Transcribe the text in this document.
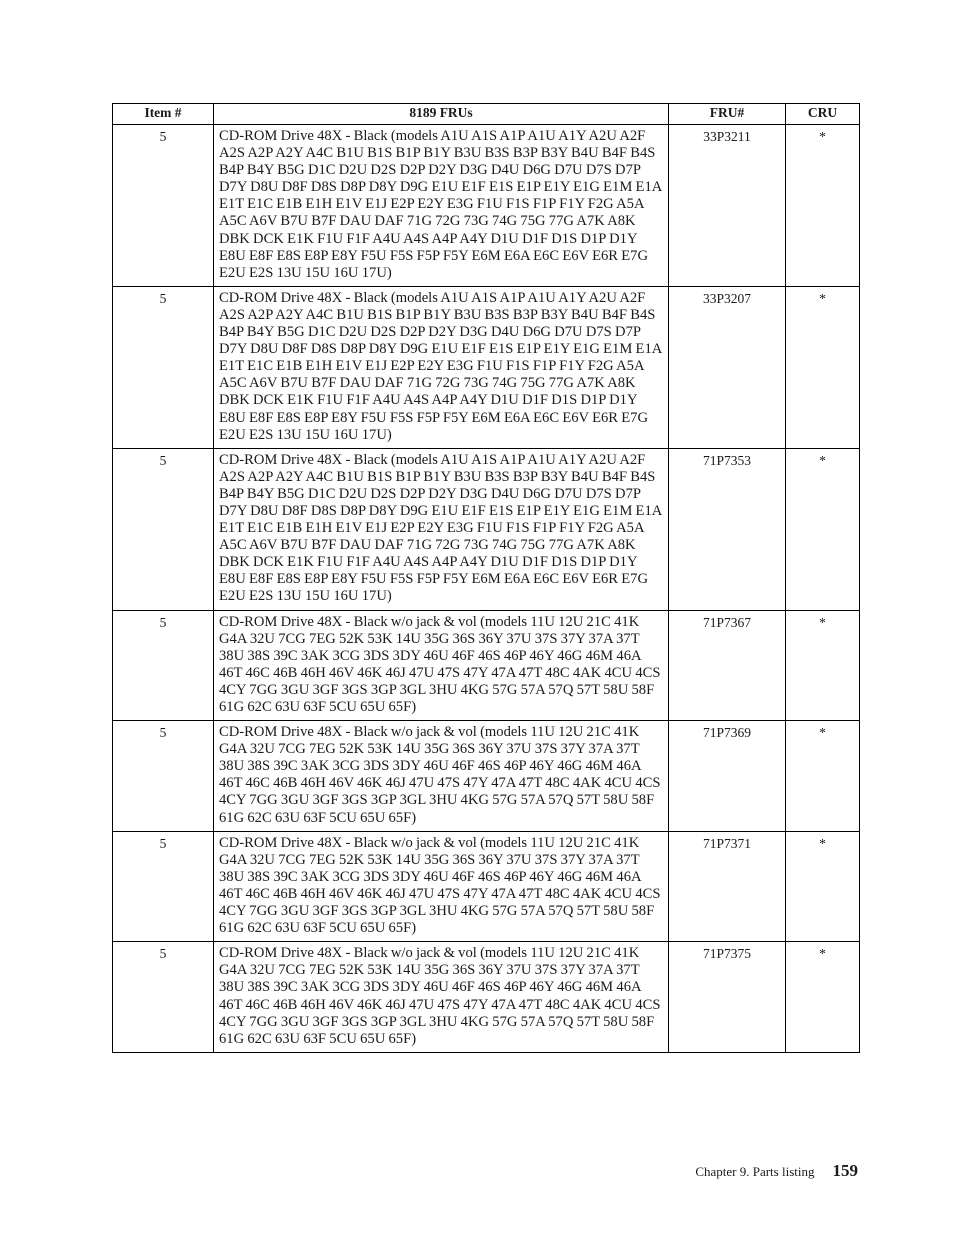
Item #	8189 FRUs	FRU#	CRU
5	CD-ROM Drive 48X - Black (models A1U A1S A1P A1U A1Y A2U A2F A2S A2P A2Y A4C B1U B1S B1P B1Y B3U B3S B3P B3Y B4U B4F B4S B4P B4Y B5G D1C D2U D2S D2P D2Y D3G D4U D6G D7U D7S D7P D7Y D8U D8F D8S D8P D8Y D9G E1U E1F E1S E1P E1Y E1G E1M E1A E1T E1C E1B E1H E1V E1J E2P E2Y E3G F1U F1S F1P F1Y F2G A5A A5C A6V B7U B7F DAU DAF 71G 72G 73G 74G 75G 77G A7K A8K DBK DCK E1K F1U F1F A4U A4S A4P A4Y D1U D1F D1S D1P D1Y E8U E8F E8S E8P E8Y F5U F5S F5P F5Y E6M E6A E6C E6V E6R E7G E2U E2S 13U 15U 16U 17U)	33P3211	*
5	CD-ROM Drive 48X - Black (models A1U A1S A1P A1U A1Y A2U A2F A2S A2P A2Y A4C B1U B1S B1P B1Y B3U B3S B3P B3Y B4U B4F B4S B4P B4Y B5G D1C D2U D2S D2P D2Y D3G D4U D6G D7U D7S D7P D7Y D8U D8F D8S D8P D8Y D9G E1U E1F E1S E1P E1Y E1G E1M E1A E1T E1C E1B E1H E1V E1J E2P E2Y E3G F1U F1S F1P F1Y F2G A5A A5C A6V B7U B7F DAU DAF 71G 72G 73G 74G 75G 77G A7K A8K DBK DCK E1K F1U F1F A4U A4S A4P A4Y D1U D1F D1S D1P D1Y E8U E8F E8S E8P E8Y F5U F5S F5P F5Y E6M E6A E6C E6V E6R E7G E2U E2S 13U 15U 16U 17U)	33P3207	*
5	CD-ROM Drive 48X - Black (models A1U A1S A1P A1U A1Y A2U A2F A2S A2P A2Y A4C B1U B1S B1P B1Y B3U B3S B3P B3Y B4U B4F B4S B4P B4Y B5G D1C D2U D2S D2P D2Y D3G D4U D6G D7U D7S D7P D7Y D8U D8F D8S D8P D8Y D9G E1U E1F E1S E1P E1Y E1G E1M E1A E1T E1C E1B E1H E1V E1J E2P E2Y E3G F1U F1S F1P F1Y F2G A5A A5C A6V B7U B7F DAU DAF 71G 72G 73G 74G 75G 77G A7K A8K DBK DCK E1K F1U F1F A4U A4S A4P A4Y D1U D1F D1S D1P D1Y E8U E8F E8S E8P E8Y F5U F5S F5P F5Y E6M E6A E6C E6V E6R E7G E2U E2S 13U 15U 16U 17U)	71P7353	*
5	CD-ROM Drive 48X - Black w/o jack & vol (models 11U 12U 21C 41K G4A 32U 7CG 7EG 52K 53K 14U 35G 36S 36Y 37U 37S 37Y 37A 37T 38U 38S 39C 3AK 3CG 3DS 3DY 46U 46F 46S 46P 46Y 46G 46M 46A 46T 46C 46B 46H 46V 46K 46J 47U 47S 47Y 47A 47T 48C 4AK 4CU 4CS 4CY 7GG 3GU 3GF 3GS 3GP 3GL 3HU 4KG 57G 57A 57Q 57T 58U 58F 61G 62C 63U 63F 5CU 65U 65F)	71P7367	*
5	CD-ROM Drive 48X - Black w/o jack & vol (models 11U 12U 21C 41K G4A 32U 7CG 7EG 52K 53K 14U 35G 36S 36Y 37U 37S 37Y 37A 37T 38U 38S 39C 3AK 3CG 3DS 3DY 46U 46F 46S 46P 46Y 46G 46M 46A 46T 46C 46B 46H 46V 46K 46J 47U 47S 47Y 47A 47T 48C 4AK 4CU 4CS 4CY 7GG 3GU 3GF 3GS 3GP 3GL 3HU 4KG 57G 57A 57Q 57T 58U 58F 61G 62C 63U 63F 5CU 65U 65F)	71P7369	*
5	CD-ROM Drive 48X - Black w/o jack & vol (models 11U 12U 21C 41K G4A 32U 7CG 7EG 52K 53K 14U 35G 36S 36Y 37U 37S 37Y 37A 37T 38U 38S 39C 3AK 3CG 3DS 3DY 46U 46F 46S 46P 46Y 46G 46M 46A 46T 46C 46B 46H 46V 46K 46J 47U 47S 47Y 47A 47T 48C 4AK 4CU 4CS 4CY 7GG 3GU 3GF 3GS 3GP 3GL 3HU 4KG 57G 57A 57Q 57T 58U 58F 61G 62C 63U 63F 5CU 65U 65F)	71P7371	*
5	CD-ROM Drive 48X - Black w/o jack & vol (models 11U 12U 21C 41K G4A 32U 7CG 7EG 52K 53K 14U 35G 36S 36Y 37U 37S 37Y 37A 37T 38U 38S 39C 3AK 3CG 3DS 3DY 46U 46F 46S 46P 46Y 46G 46M 46A 46T 46C 46B 46H 46V 46K 46J 47U 47S 47Y 47A 47T 48C 4AK 4CU 4CS 4CY 7GG 3GU 3GF 3GS 3GP 3GL 3HU 4KG 57G 57A 57Q 57T 58U 58F 61G 62C 63U 63F 5CU 65U 65F)	71P7375	*
Chapter 9. Parts listing 159
